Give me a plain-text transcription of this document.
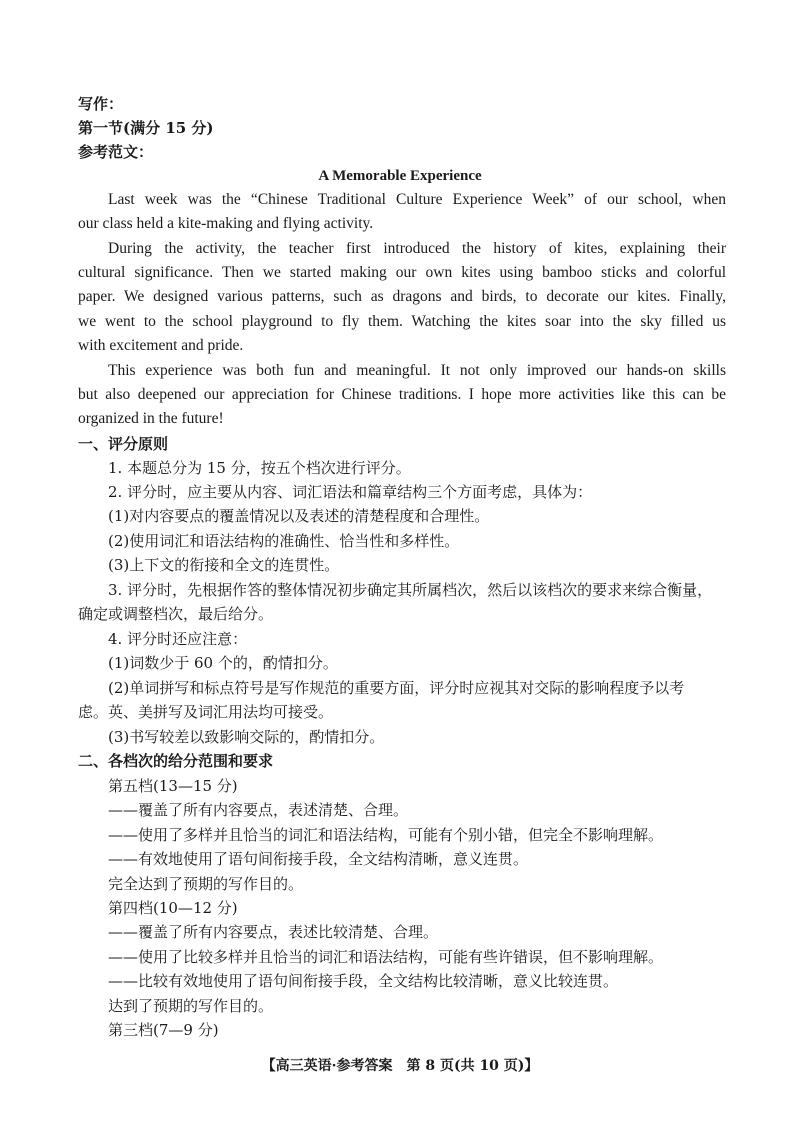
写作：
第一节(满分 15 分)
参考范文：
A Memorable Experience
Last week was the “Chinese Traditional Culture Experience Week” of our school, when
our class held a kite-making and flying activity.
During the activity, the teacher first introduced the history of kites, explaining their
cultural significance. Then we started making our own kites using bamboo sticks and colorful
paper. We designed various patterns, such as dragons and birds, to decorate our kites. Finally,
we went to the school playground to fly them. Watching the kites soar into the sky filled us
with excitement and pride.
This experience was both fun and meaningful. It not only improved our hands-on skills
but also deepened our appreciation for Chinese traditions. I hope more activities like this can be
organized in the future!
一、评分原则
1. 本题总分为 15 分，按五个档次进行评分。
2. 评分时，应主要从内容、词汇语法和篇章结构三个方面考虑，具体为：
(1)对内容要点的覆盖情况以及表述的清楚程度和合理性。
(2)使用词汇和语法结构的准确性、恰当性和多样性。
(3)上下文的衔接和全文的连贯性。
3. 评分时，先根据作答的整体情况初步确定其所属档次，然后以该档次的要求来综合衡量，
确定或调整档次，最后给分。
4. 评分时还应注意：
(1)词数少于 60 个的，酌情扣分。
(2)单词拼写和标点符号是写作规范的重要方面，评分时应视其对交际的影响程度予以考
虑。英、美拼写及词汇用法均可接受。
(3)书写较差以致影响交际的，酌情扣分。
二、各档次的给分范围和要求
第五档(13—15 分)
——覆盖了所有内容要点，表述清楚、合理。
——使用了多样并且恰当的词汇和语法结构，可能有个别小错，但完全不影响理解。
——有效地使用了语句间衔接手段，全文结构清晰，意义连贯。
完全达到了预期的写作目的。
第四档(10—12 分)
——覆盖了所有内容要点，表述比较清楚、合理。
——使用了比较多样并且恰当的词汇和语法结构，可能有些许错误，但不影响理解。
——比较有效地使用了语句间衔接手段，全文结构比较清晰，意义比较连贯。
达到了预期的写作目的。
第三档(7—9 分)
【高三英语·参考答案　第 8 页(共 10 页)】
